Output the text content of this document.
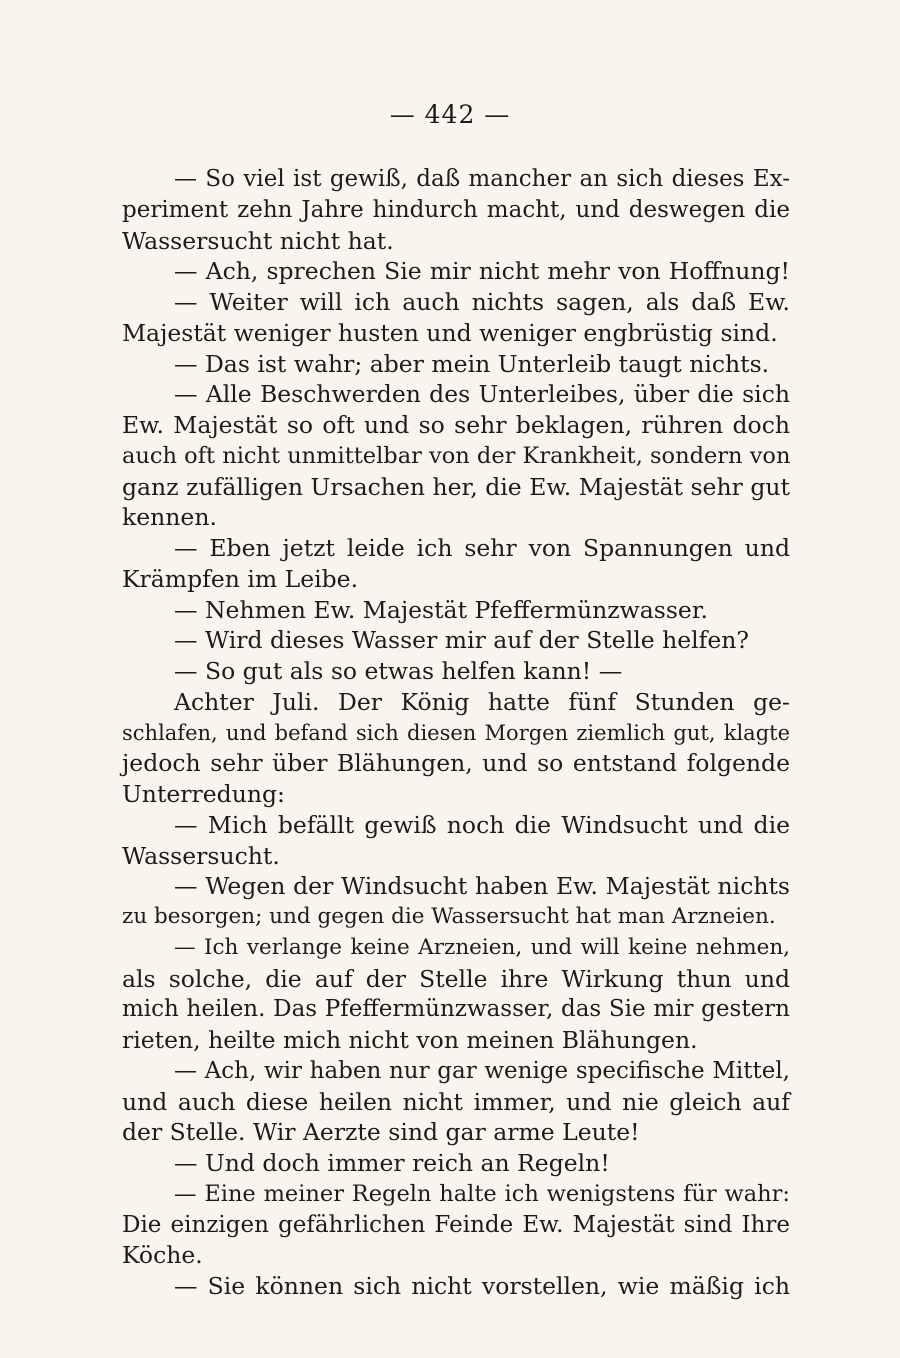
— 442 —
— So viel ist gewiß, daß mancher an sich dieses Ex-
periment zehn Jahre hindurch macht, und deswegen die
Wassersucht nicht hat.
— Ach, sprechen Sie mir nicht mehr von Hoffnung!
— Weiter will ich auch nichts sagen, als daß Ew.
Majestät weniger husten und weniger engbrüstig sind.
— Das ist wahr; aber mein Unterleib taugt nichts.
— Alle Beschwerden des Unterleibes, über die sich
Ew. Majestät so oft und so sehr beklagen, rühren doch
auch oft nicht unmittelbar von der Krankheit, sondern von
ganz zufälligen Ursachen her, die Ew. Majestät sehr gut
kennen.
— Eben jetzt leide ich sehr von Spannungen und
Krämpfen im Leibe.
— Nehmen Ew. Majestät Pfeffermünzwasser.
— Wird dieses Wasser mir auf der Stelle helfen?
— So gut als so etwas helfen kann! —
Achter Juli. Der König hatte fünf Stunden ge-
schlafen, und befand sich diesen Morgen ziemlich gut, klagte
jedoch sehr über Blähungen, und so entstand folgende
Unterredung:
— Mich befällt gewiß noch die Windsucht und die
Wassersucht.
— Wegen der Windsucht haben Ew. Majestät nichts
zu besorgen; und gegen die Wassersucht hat man Arzneien.
— Ich verlange keine Arzneien, und will keine nehmen,
als solche, die auf der Stelle ihre Wirkung thun und
mich heilen. Das Pfeffermünzwasser, das Sie mir gestern
rieten, heilte mich nicht von meinen Blähungen.
— Ach, wir haben nur gar wenige specifische Mittel,
und auch diese heilen nicht immer, und nie gleich auf
der Stelle. Wir Aerzte sind gar arme Leute!
— Und doch immer reich an Regeln!
— Eine meiner Regeln halte ich wenigstens für wahr:
Die einzigen gefährlichen Feinde Ew. Majestät sind Ihre
Köche.
— Sie können sich nicht vorstellen, wie mäßig ich
